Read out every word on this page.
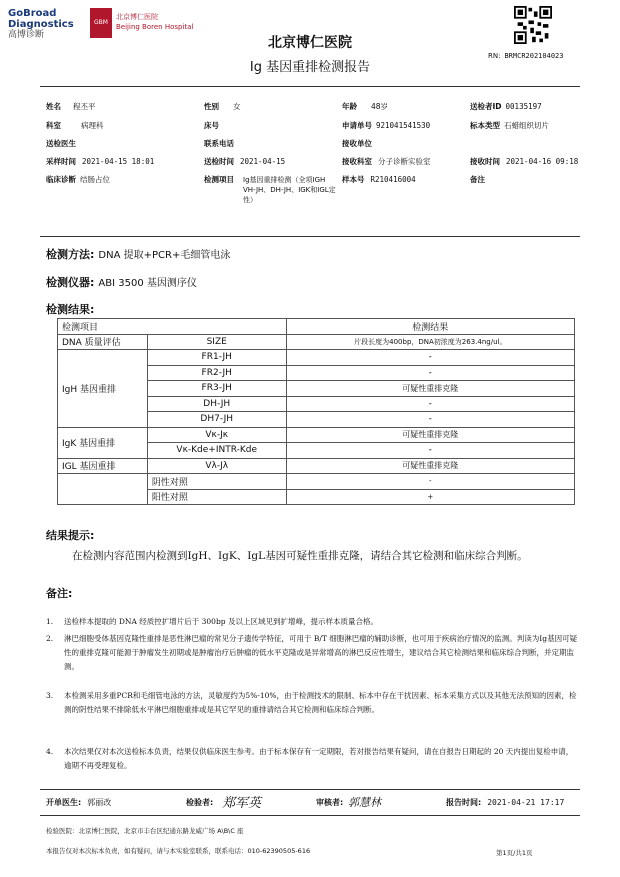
GoBroad
Diagnostics
高博诊断
GBM
北京博仁医院
Beijing Boren Hospital
北京博仁医院
Ig 基因重排检测报告
RN: BRMCR202104023
姓名 程丕平	性别 女	年龄 48岁	送检者ID 00135197
科室	病理科	床号	申请单号 921041541530	标本类型 石蜡组织切片
送检医生	联系电话	接收单位
采样时间 2021-04-15 18:01	送检时间 2021-04-15	接收科室 分子诊断实验室	接收时间 2021-04-16 09:18
临床诊断 结肠占位	检测项目 Ig基因重排检测（全项IGH VH-JH、DH-JH、IGK和IGL定性）
样本号 R210416004	备注
检测方法: DNA 提取+PCR+毛细管电泳
检测仪器: ABI 3500 基因测序仪
检测结果:
检测项目		检测结果
DNA 质量评估	SIZE	片段长度为400bp，DNA初浓度为263.4ng/ul。
IgH 基因重排	FR1-JH	-
	FR2-JH	-
	FR3-JH	可疑性重排克隆
	DH-JH	-
	DH7-JH	-
IgK 基因重排	Vκ-Jκ	可疑性重排克隆
	Vκ-Kde+INTR-Kde	-
IGL 基因重排	Vλ-Jλ	可疑性重排克隆
	阴性对照	-
	阳性对照	+
结果提示:
在检测内容范围内检测到IgH、IgK、IgL基因可疑性重排克隆，请结合其它检测和临床综合判断。
备注:
1. 送检样本提取的 DNA 经质控扩增片后于 300bp 及以上区域见到扩增峰，提示样本质量合格。
2. 淋巴细胞受体基因克隆性重排是恶性淋巴瘤的常见分子遗传学特征，可用于 B/T 细胞淋巴瘤的辅助诊断，也可用于疾病治疗情况的监测。判读为Ig基因可疑性的重排克隆可能源于肿瘤发生初期或是肿瘤治疗后肿瘤的低水平克隆或是异常增高的淋巴反应性增生，建议结合其它检测结果和临床综合判断，并定期监测。
3. 本检测采用多重PCR和毛细管电泳的方法，灵敏度约为5%-10%，由于检测技术的限制、标本中存在干扰因素、标本采集方式以及其他无法预知的因素，检测的阴性结果不排除低水平淋巴细胞重排或是其它罕见的重排请结合其它检测和临床综合判断。
4. 本次结果仅对本次送检标本负责，结果仅供临床医生参考。由于标本保存有一定期限，若对报告结果有疑问，请在自报告日期起的 20 天内提出复检申请，逾期不再受理复检。
开单医生: 郭丽改	检验者: 郑军英	审核者: 郭慧林	报告时间: 2021-04-21 17:17
检验医院：北京博仁医院，北京市丰台区纪通东路龙威广场 A\B\C 座
本报告仅对本次标本负责，如有疑问，请与本实验室联系，联系电话：010-62390505-616	第1页/共1页
